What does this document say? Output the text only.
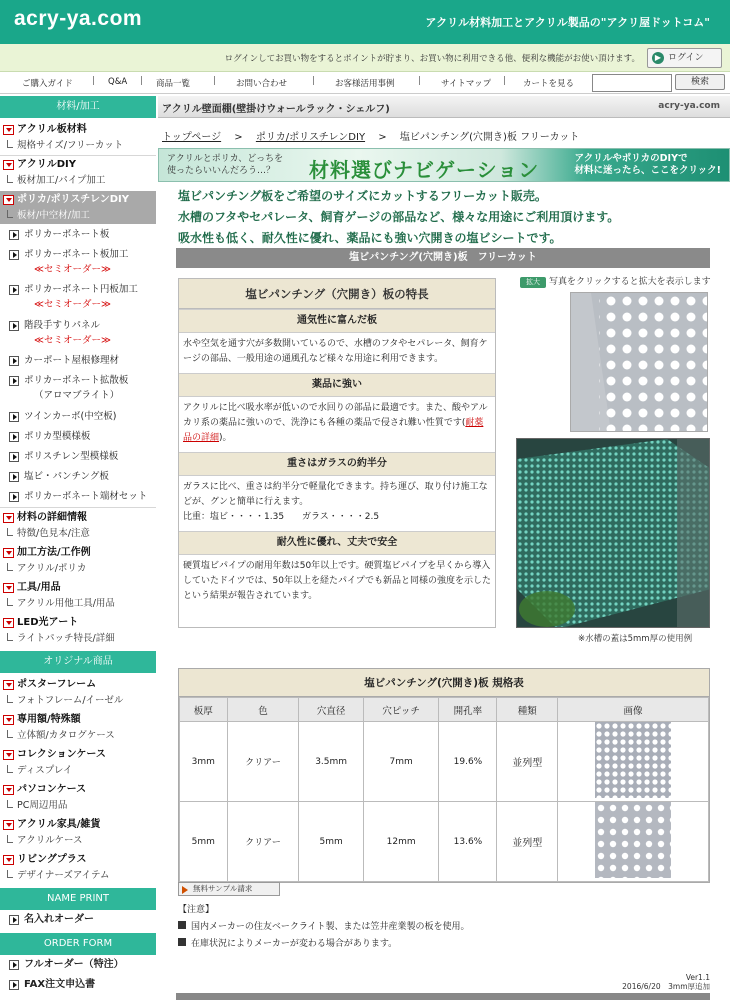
acry-ya.com	アクリル材料加工とアクリル製品の"アクリ屋ドットコム"
ログインしてお買い物をするとポイントが貯まり、お買い物に利用できる他、便利な機能がお使い頂けます。	▶ ログイン
ご購入ガイド | Q&A | 商品一覧	| お問い合わせ	| お客様活用事例	| サイトマップ | カートを見る	検索
材料/加工
アクリル板材料
規格サイズ/フリーカット
アクリルDIY
板材加工/パイプ加工
ポリカ/ポリスチレンDIY
板材/中空材/加工
ポリカーボネート板
ポリカーボネート板加工
≪セミオーダー≫
ポリカーボネート円板加工
≪セミオーダー≫
階段手すりパネル
≪セミオーダー≫
カーポート屋根修理材
ポリカーボネート拡散板
（アロマブライト）
ツインカーボ(中空板)
ポリカ型模様板
ポリスチレン型模様板
塩ビ・パンチング板
ポリカーボネート端材セット
材料の詳細情報
特徴/色見本/注意
加工方法/工作例
アクリル/ポリカ
工具/用品
アクリル用他工具/用品
LED光アート
ライトパッチ特長/詳細
オリジナル商品
ポスターフレーム
フォトフレーム/イーゼル
専用額/特殊額
立体額/カタログケース
コレクションケース
ディスプレイ
パソコンケース
PC周辺用品
アクリル家具/雑貨
アクリルケース
リビングプラス
デザイナーズアイテム
NAME PRINT
名入れオーダー
ORDER FORM
フルオーダー（特注）
FAX注文申込書
アクリル壁面棚(壁掛けウォールラック・シェルフ)	acry-ya.com
トップページ 　>　 ポリカ/ポリスチレンDIY 　>　 塩ビパンチング(穴開き)板 フリーカット
アクリルとポリカ、どっちを
使ったらいいんだろう…？	材料選びナビゲーション	アクリルやポリカのDIYで
材料に迷ったら、ここをクリック!
塩ビパンチング板をご希望のサイズにカットするフリーカット販売。
水槽のフタやセパレータ、飼育ゲージの部品など、様々な用途にご利用頂けます。
吸水性も低く、耐久性に優れ、薬品にも強い穴開きの塩ビシートです。
塩ビパンチング(穴開き)板　フリーカット
塩ビパンチング（穴開き）板の特長
通気性に富んだ板
水や空気を通す穴が多数開いているので、水槽のフタやセパレータ、飼育ケージの部品、一般用途の通風孔など様々な用途に利用できます。
薬品に強い
アクリルに比べ吸水率が低いので水回りの部品に最適です。また、酸やアルカリ系の薬品に強いので、洗浄にも各種の薬品で侵され難い性質です(耐薬品の詳細)。
重さはガラスの約半分
ガラスに比べ、重さは約半分で軽量化できます。持ち運び、取り付け施工などが、グンと簡単に行えます。
比重：塩ビ・・・・1.35　　ガラス・・・・2.5
耐久性に優れ、丈夫で安全
硬質塩ビパイプの耐用年数は50年以上です。硬質塩ビパイプを早くから導入していたドイツでは、50年以上を経たパイプでも新品と同様の強度を示したという結果が報告されています。
拡大 写真をクリックすると拡大を表示します
※水槽の蓋は5mm厚の使用例
塩ビパンチング(穴開き)板 規格表
板厚	色	穴直径	穴ピッチ	開孔率	種類	画像
3mm	クリアー	3.5mm	7mm	19.6%	並列型	
5mm	クリアー	5mm	12mm	13.6%	並列型	
無料サンプル請求
【注意】
国内メーカーの住友ベークライト製、または笠井産業製の板を使用。
在庫状況によりメーカーが変わる場合があります。
Ver1.1
2016/6/20　3mm厚追加
